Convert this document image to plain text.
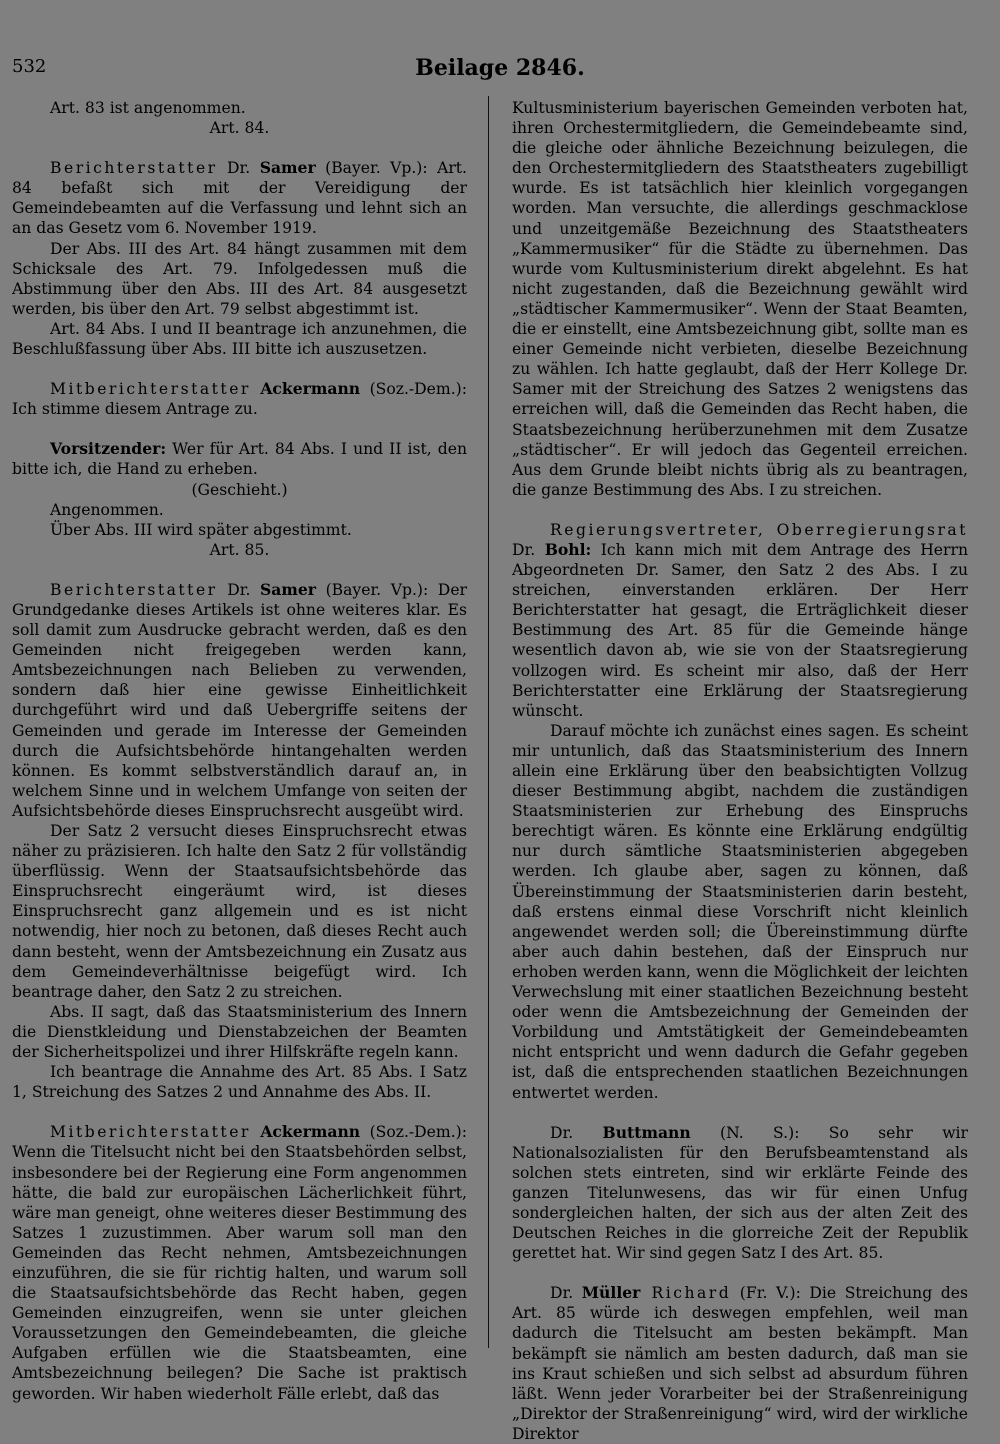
532	Beilage 2846.

Art. 83 ist angenommen.

Art. 84.

Berichterstatter Dr. Samer (Bayer. Vp.): Art. 84 befaßt sich mit der Vereidigung der Gemeindebeamten auf die Verfassung und lehnt sich an an das Gesetz vom 6. November 1919.

Der Abs. III des Art. 84 hängt zusammen mit dem Schicksale des Art. 79. Infolgedessen muß die Abstimmung über den Abs. III des Art. 84 ausgesetzt werden, bis über den Art. 79 selbst abgestimmt ist.

Art. 84 Abs. I und II beantrage ich anzunehmen, die Beschlußfassung über Abs. III bitte ich auszusetzen.

Mitberichterstatter Ackermann (Soz.-Dem.): Ich stimme diesem Antrage zu.

Vorsitzender: Wer für Art. 84 Abs. I und II ist, den bitte ich, die Hand zu erheben.

(Geschieht.)

Angenommen.

Über Abs. III wird später abgestimmt.

Art. 85.

Berichterstatter Dr. Samer (Bayer. Vp.): Der Grundgedanke dieses Artikels ist ohne weiteres klar. Es soll damit zum Ausdrucke gebracht werden, daß es den Gemeinden nicht freigegeben werden kann, Amtsbezeichnungen nach Belieben zu verwenden, sondern daß hier eine gewisse Einheitlichkeit durchgeführt wird und daß Uebergriffe seitens der Gemeinden und gerade im Interesse der Gemeinden durch die Aufsichtsbehörde hintangehalten werden können. Es kommt selbstverständlich darauf an, in welchem Sinne und in welchem Umfange von seiten der Aufsichtsbehörde dieses Einspruchsrecht ausgeübt wird.

Der Satz 2 versucht dieses Einspruchsrecht etwas näher zu präzisieren. Ich halte den Satz 2 für vollständig überflüssig. Wenn der Staatsaufsichtsbehörde das Einspruchsrecht eingeräumt wird, ist dieses Einspruchsrecht ganz allgemein und es ist nicht notwendig, hier noch zu betonen, daß dieses Recht auch dann besteht, wenn der Amtsbezeichnung ein Zusatz aus dem Gemeindeverhältnisse beigefügt wird. Ich beantrage daher, den Satz 2 zu streichen.

Abs. II sagt, daß das Staatsministerium des Innern die Dienstkleidung und Dienstabzeichen der Beamten der Sicherheitspolizei und ihrer Hilfskräfte regeln kann.

Ich beantrage die Annahme des Art. 85 Abs. I Satz 1, Streichung des Satzes 2 und Annahme des Abs. II.

Mitberichterstatter Ackermann (Soz.-Dem.): Wenn die Titelsucht nicht bei den Staatsbehörden selbst, insbesondere bei der Regierung eine Form angenommen hätte, die bald zur europäischen Lächerlichkeit führt, wäre man geneigt, ohne weiteres dieser Bestimmung des Satzes 1 zuzustimmen. Aber warum soll man den Gemeinden das Recht nehmen, Amtsbezeichnungen einzuführen, die sie für richtig halten, und warum soll die Staatsaufsichtsbehörde das Recht haben, gegen Gemeinden einzugreifen, wenn sie unter gleichen Voraussetzungen den Gemeindebeamten, die gleiche Aufgaben erfüllen wie die Staatsbeamten, eine Amtsbezeichnung beilegen? Die Sache ist praktisch geworden. Wir haben wiederholt Fälle erlebt, daß das

Kultusministerium bayerischen Gemeinden verboten hat, ihren Orchestermitgliedern, die Gemeindebeamte sind, die gleiche oder ähnliche Bezeichnung beizulegen, die den Orchestermitgliedern des Staatstheaters zugebilligt wurde. Es ist tatsächlich hier kleinlich vorgegangen worden. Man versuchte, die allerdings geschmacklose und unzeitgemäße Bezeichnung des Staatstheaters „Kammermusiker“ für die Städte zu übernehmen. Das wurde vom Kultusministerium direkt abgelehnt. Es hat nicht zugestanden, daß die Bezeichnung gewählt wird „städtischer Kammermusiker“. Wenn der Staat Beamten, die er einstellt, eine Amtsbezeichnung gibt, sollte man es einer Gemeinde nicht verbieten, dieselbe Bezeichnung zu wählen. Ich hatte geglaubt, daß der Herr Kollege Dr. Samer mit der Streichung des Satzes 2 wenigstens das erreichen will, daß die Gemeinden das Recht haben, die Staatsbezeichnung herüberzunehmen mit dem Zusatze „städtischer“. Er will jedoch das Gegenteil erreichen. Aus dem Grunde bleibt nichts übrig als zu beantragen, die ganze Bestimmung des Abs. I zu streichen.

Regierungsvertreter, Oberregierungsrat Dr. Bohl: Ich kann mich mit dem Antrage des Herrn Abgeordneten Dr. Samer, den Satz 2 des Abs. I zu streichen, einverstanden erklären. Der Herr Berichterstatter hat gesagt, die Erträglichkeit dieser Bestimmung des Art. 85 für die Gemeinde hänge wesentlich davon ab, wie sie von der Staatsregierung vollzogen wird. Es scheint mir also, daß der Herr Berichterstatter eine Erklärung der Staatsregierung wünscht.

Darauf möchte ich zunächst eines sagen. Es scheint mir untunlich, daß das Staatsministerium des Innern allein eine Erklärung über den beabsichtigten Vollzug dieser Bestimmung abgibt, nachdem die zuständigen Staatsministerien zur Erhebung des Einspruchs berechtigt wären. Es könnte eine Erklärung endgültig nur durch sämtliche Staatsministerien abgegeben werden. Ich glaube aber, sagen zu können, daß Übereinstimmung der Staatsministerien darin besteht, daß erstens einmal diese Vorschrift nicht kleinlich angewendet werden soll; die Übereinstimmung dürfte aber auch dahin bestehen, daß der Einspruch nur erhoben werden kann, wenn die Möglichkeit der leichten Verwechslung mit einer staatlichen Bezeichnung besteht oder wenn die Amtsbezeichnung der Gemeinden der Vorbildung und Amtstätigkeit der Gemeindebeamten nicht entspricht und wenn dadurch die Gefahr gegeben ist, daß die entsprechenden staatlichen Bezeichnungen entwertet werden.

Dr. Buttmann (N. S.): So sehr wir Nationalsozialisten für den Berufsbeamtenstand als solchen stets eintreten, sind wir erklärte Feinde des ganzen Titelunwesens, das wir für einen Unfug sondergleichen halten, der sich aus der alten Zeit des Deutschen Reiches in die glorreiche Zeit der Republik gerettet hat. Wir sind gegen Satz I des Art. 85.

Dr. Müller Richard (Fr. V.): Die Streichung des Art. 85 würde ich deswegen empfehlen, weil man dadurch die Titelsucht am besten bekämpft. Man bekämpft sie nämlich am besten dadurch, daß man sie ins Kraut schießen und sich selbst ad absurdum führen läßt. Wenn jeder Vorarbeiter bei der Straßenreinigung „Direktor der Straßenreinigung“ wird, wird der wirkliche Direktor
